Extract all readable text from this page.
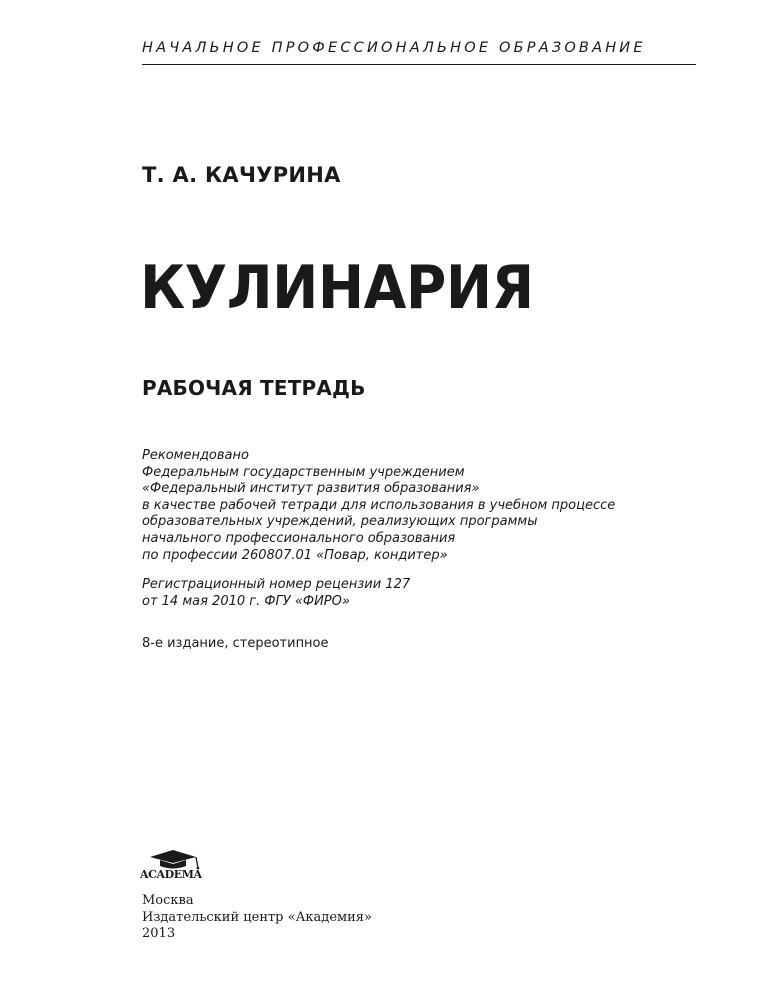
НАЧАЛЬНОЕ ПРОФЕССИОНАЛЬНОЕ ОБРАЗОВАНИЕ
Т. А. КАЧУРИНА
КУЛИНАРИЯ
РАБОЧАЯ ТЕТРАДЬ
Рекомендовано
Федеральным государственным учреждением
«Федеральный институт развития образования»
в качестве рабочей тетради для использования в учебном процессе
образовательных учреждений, реализующих программы
начального профессионального образования
по профессии 260807.01 «Повар, кондитер»
Регистрационный номер рецензии 127
от 14 мая 2010 г. ФГУ «ФИРО»
8-е издание, стереотипное
ACADEMA
Москва
Издательский центр «Академия»
2013
